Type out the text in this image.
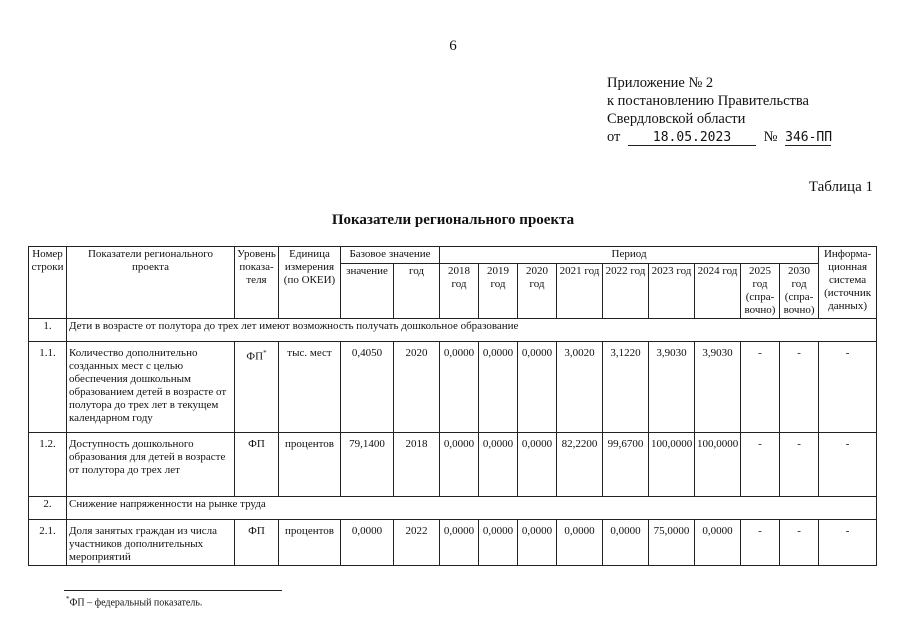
6
Приложение № 2
к постановлению Правительства
Свердловской области
от 18.05.2023 № 346-ПП
Таблица 1
Показатели регионального проекта
Номер строки	Показатели регионального проекта	Уровень показа-теля	Единица измерения (по ОКЕИ)	Базовое значение		Период									Информа-ционная система (источник данных)
				значение	год	2018 год	2019 год	2020 год	2021 год	2022 год	2023 год	2024 год	2025 год (спра-вочно)	2030 год (спра-вочно)	
1.	Дети в возрасте от полутора до трех лет имеют возможность получать дошкольное образование														
1.1.	Количество дополнительно созданных мест с целью обеспечения дошкольным образованием детей в возрасте от полутора до трех лет в текущем календарном году	ФП*	тыс. мест	0,4050	2020	0,0000	0,0000	0,0000	3,0020	3,1220	3,9030	3,9030	-	-	-
1.2.	Доступность дошкольного образования для детей в возрасте от полутора до трех лет	ФП	процентов	79,1400	2018	0,0000	0,0000	0,0000	82,2200	99,6700	100,0000	100,0000	-	-	-
2.	Снижение напряженности на рынке труда														
2.1.	Доля занятых граждан из числа участников дополнительных мероприятий	ФП	процентов	0,0000	2022	0,0000	0,0000	0,0000	0,0000	0,0000	75,0000	0,0000	-	-	-
*ФП – федеральный показатель.
